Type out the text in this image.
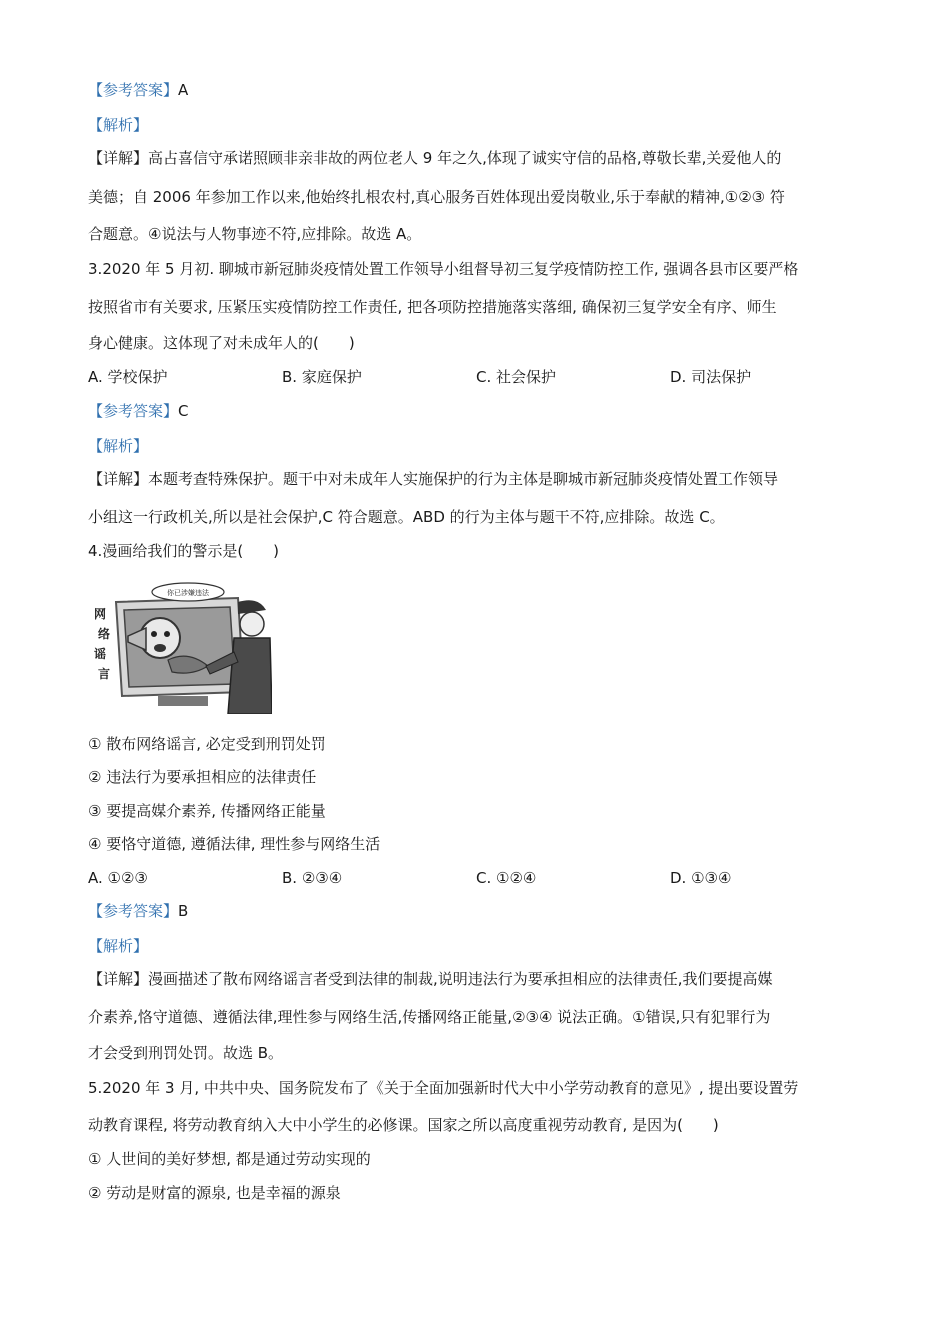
【参考答案】A
【解析】
【详解】高占喜信守承诺照顾非亲非故的两位老人 9 年之久,体现了诚实守信的品格,尊敬长辈,关爱他人的
美德；自 2006 年参加工作以来,他始终扎根农村,真心服务百姓体现出爱岗敬业,乐于奉献的精神,①②③ 符
合题意。④说法与人物事迹不符,应排除。故选 A。
3.2020 年 5 月初. 聊城市新冠肺炎疫情处置工作领导小组督导初三复学疫情防控工作, 强调各县市区要严格
按照省市有关要求, 压紧压实疫情防控工作责任, 把各项防控措施落实落细, 确保初三复学安全有序、师生
身心健康。这体现了对未成年人的(　　)
A. 学校保护	B. 家庭保护	C. 社会保护	D. 司法保护
【参考答案】C
【解析】
【详解】本题考查特殊保护。题干中对未成年人实施保护的行为主体是聊城市新冠肺炎疫情处置工作领导
小组这一行政机关,所以是社会保护,C 符合题意。ABD 的行为主体与题干不符,应排除。故选 C。
4.漫画给我们的警示是(　　)
你已涉嫌违法
网
络
谣
言
① 散布网络谣言, 必定受到刑罚处罚
② 违法行为要承担相应的法律责任
③ 要提高媒介素养, 传播网络正能量
④ 要恪守道德, 遵循法律, 理性参与网络生活
A. ①②③	B. ②③④	C. ①②④	D. ①③④
【参考答案】B
【解析】
【详解】漫画描述了散布网络谣言者受到法律的制裁,说明违法行为要承担相应的法律责任,我们要提高媒
介素养,恪守道德、遵循法律,理性参与网络生活,传播网络正能量,②③④ 说法正确。①错误,只有犯罪行为
才会受到刑罚处罚。故选 B。
5.2020 年 3 月, 中共中央、国务院发布了《关于全面加强新时代大中小学劳动教育的意见》, 提出要设置劳
动教育课程, 将劳动教育纳入大中小学生的必修课。国家之所以高度重视劳动教育, 是因为(　　)
① 人世间的美好梦想, 都是通过劳动实现的
② 劳动是财富的源泉, 也是幸福的源泉
